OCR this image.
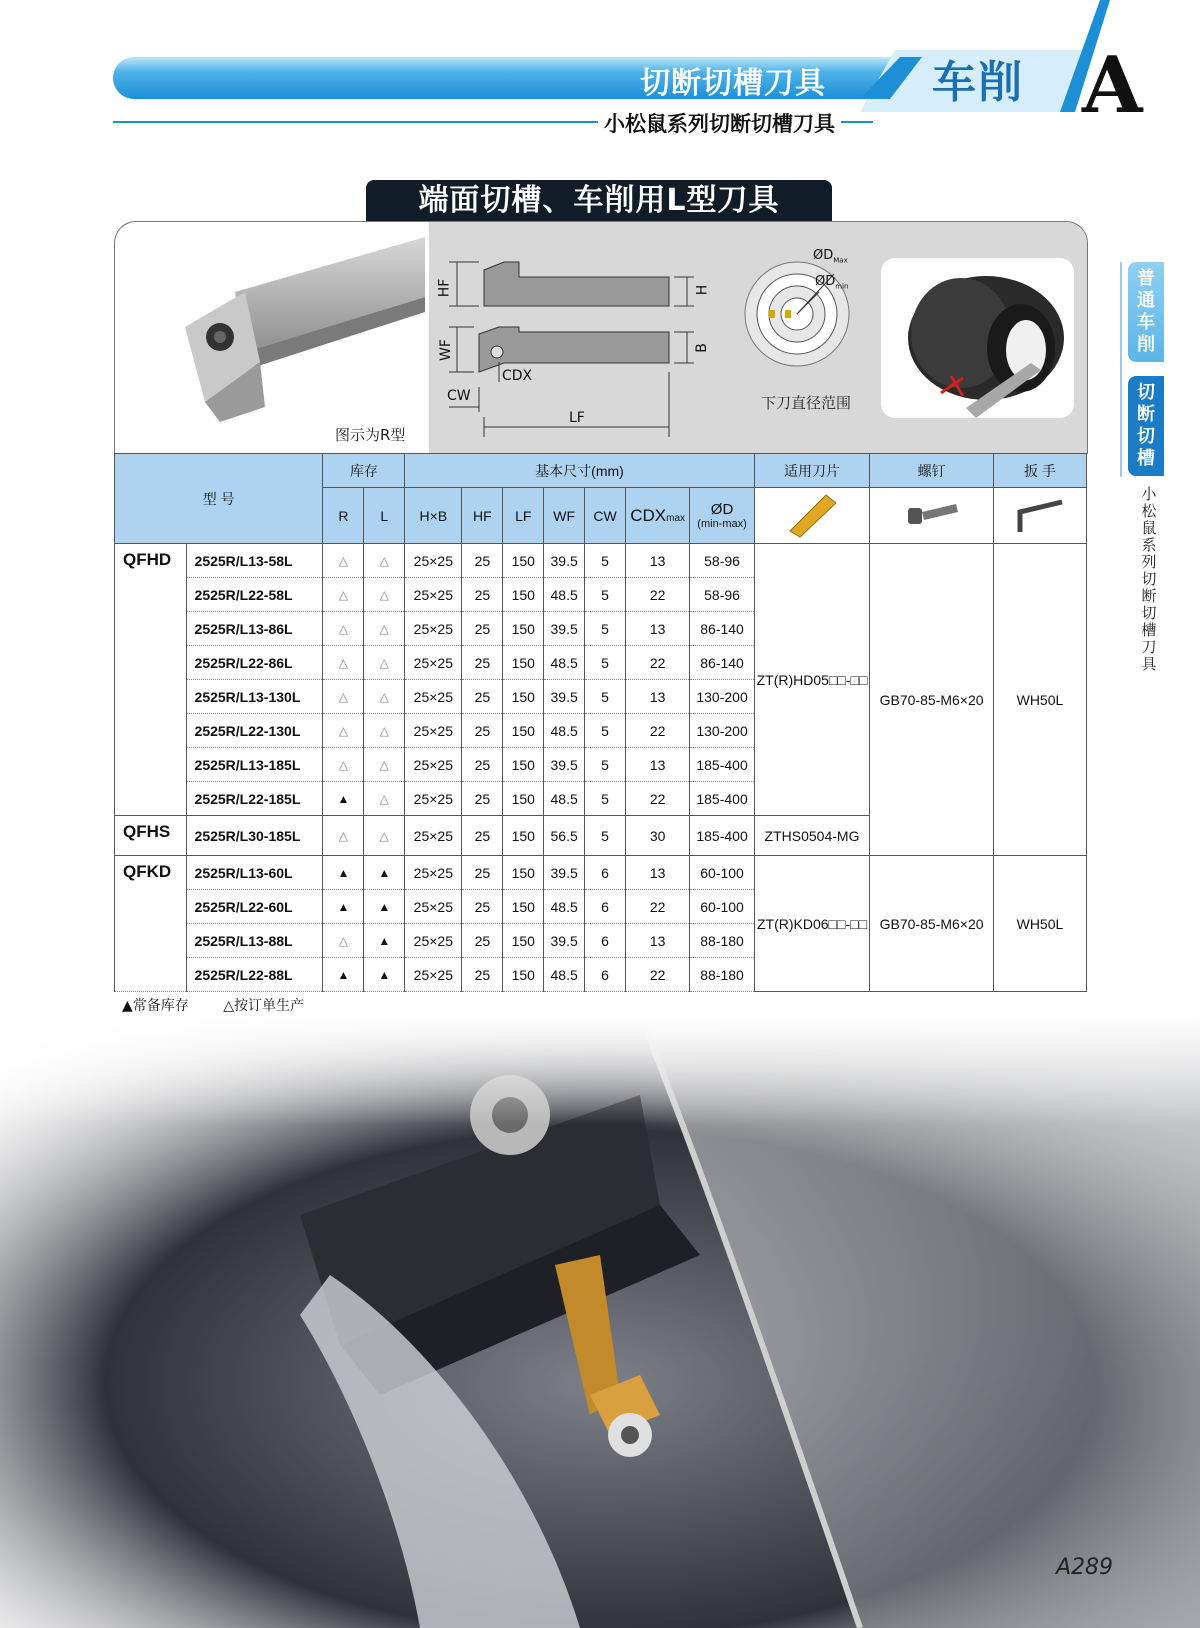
切断切槽刀具
小松鼠系列切断切槽刀具
车削 A
普通车削
切断切槽
小松鼠系列切断切槽刀具
端面切槽、车削用L型刀具
图示为R型
HF	H
WF	B
CDX
CW
LF
$ØD_{Max}$
$ØD_{min}$
下刀直径范围
型 号		库存		基本尺寸(mm)							适用刀片	螺钉	扳 手
		R	L	H×B	HF	LF	WF	CW	CDXmax	ØD
(min-max)

QFHD	2525R/L13-58L	△	△	25×25	25	150	39.5	5	13	58-96	ZT(R)HD05□□-□□	GB70-85-M6×20	WH50L
	2525R/L22-58L	△	△	25×25	25	150	48.5	5	22	58-96			
	2525R/L13-86L	△	△	25×25	25	150	39.5	5	13	86-140			
	2525R/L22-86L	△	△	25×25	25	150	48.5	5	22	86-140			
	2525R/L13-130L	△	△	25×25	25	150	39.5	5	13	130-200			
	2525R/L22-130L	△	△	25×25	25	150	48.5	5	22	130-200			
	2525R/L13-185L	△	△	25×25	25	150	39.5	5	13	185-400			
	2525R/L22-185L	▲	△	25×25	25	150	48.5	5	22	185-400			
QFHS	2525R/L30-185L	△	△	25×25	25	150	56.5	5	30	185-400	ZTHS0504-MG		
QFKD	2525R/L13-60L	▲	▲	25×25	25	150	39.5	6	13	60-100	ZT(R)KD06□□-□□	GB70-85-M6×20	WH50L
	2525R/L22-60L	▲	▲	25×25	25	150	48.5	6	22	60-100			
	2525R/L13-88L	△	▲	25×25	25	150	39.5	6	13	88-180			
	2525R/L22-88L	▲	▲	25×25	25	150	48.5	6	22	88-180			
▲常备库存 △按订单生产
A289
